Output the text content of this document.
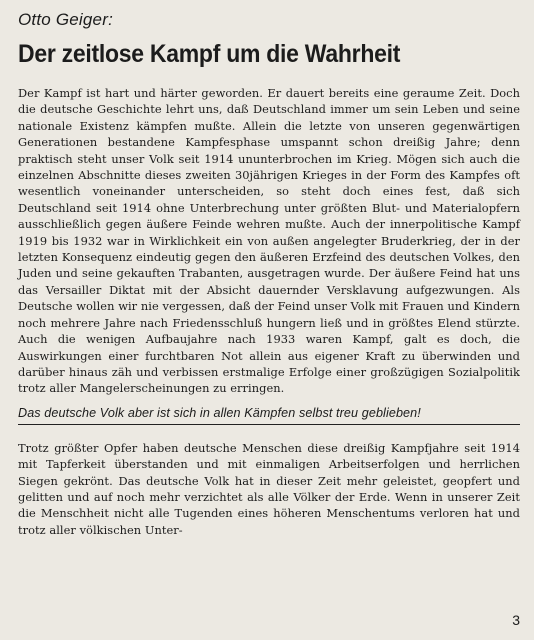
Otto Geiger:
Der zeitlose Kampf um die Wahrheit

Der Kampf ist hart und härter geworden. Er dauert bereits eine geraume Zeit. Doch die deutsche Geschichte lehrt uns, daß Deutschland immer um sein Leben und seine nationale Existenz kämpfen mußte. Allein die letzte von unseren gegenwärtigen Generationen bestandene Kampfesphase umspannt schon dreißig Jahre; denn praktisch steht unser Volk seit 1914 ununterbrochen im Krieg. Mögen sich auch die einzelnen Abschnitte dieses zweiten 30jährigen Krieges in der Form des Kampfes oft wesentlich voneinander unterscheiden, so steht doch eines fest, daß sich Deutschland seit 1914 ohne Unterbrechung unter größten Blut- und Materialopfern ausschließlich gegen äußere Feinde wehren mußte. Auch der innerpolitische Kampf 1919 bis 1932 war in Wirklichkeit ein von außen angelegter Bruderkrieg, der in der letzten Konsequenz eindeutig gegen den äußeren Erzfeind des deutschen Volkes, den Juden und seine gekauften Trabanten, ausgetragen wurde. Der äußere Feind hat uns das Versailler Diktat mit der Absicht dauernder Versklavung aufgezwungen. Als Deutsche wollen wir nie vergessen, daß der Feind unser Volk mit Frauen und Kindern noch mehrere Jahre nach Friedensschluß hungern ließ und in größtes Elend stürzte. Auch die wenigen Aufbaujahre nach 1933 waren Kampf, galt es doch, die Auswirkungen einer furchtbaren Not allein aus eigener Kraft zu überwinden und darüber hinaus zäh und verbissen erstmalige Erfolge einer großzügigen Sozialpolitik trotz aller Mangelerscheinungen zu erringen.

Das deutsche Volk aber ist sich in allen Kämpfen selbst treu geblieben!

Trotz größter Opfer haben deutsche Menschen diese dreißig Kampfjahre seit 1914 mit Tapferkeit überstanden und mit einmaligen Arbeitserfolgen und herrlichen Siegen gekrönt. Das deutsche Volk hat in dieser Zeit mehr geleistet, geopfert und gelitten und auf noch mehr verzichtet als alle Völker der Erde. Wenn in unserer Zeit die Menschheit nicht alle Tugenden eines höheren Menschentums verloren hat und trotz aller völkischen Unter-

3
